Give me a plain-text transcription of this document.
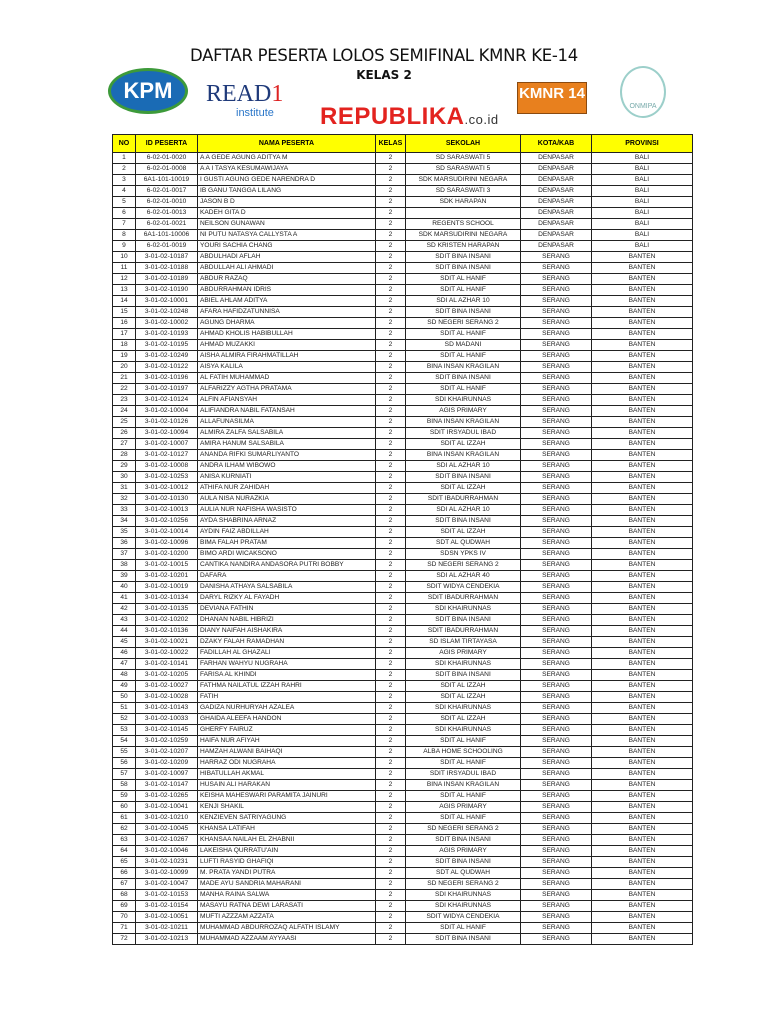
DAFTAR PESERTA LOLOS SEMIFINAL KMNR KE-14
KELAS 2
KPM READ1
institute	REPUBLIKA.co.id
KMNR 14
ONMIPA
NO	ID PESERTA	NAMA PESERTA	KELAS	SEKOLAH	KOTA/KAB	PROVINSI
1	6-02-01-0020	A A GEDE AGUNG ADITYA M	2	SD SARASWATI 5	DENPASAR	BALI
2	6-02-01-0008	A A I TASYA KESUMAWIJAYA	2	SD SARASWATI 5	DENPASAR	BALI
3	6A1-101-10019	I GUSTI AGUNG GEDE NARENDRA D	2	SDK MARSUDIRINI NEGARA	DENPASAR	BALI
4	6-02-01-0017	IB GANU TANGGA LILANG	2	SD SARASWATI 3	DENPASAR	BALI
5	6-02-01-0010	JASON B D	2	SDK HARAPAN	DENPASAR	BALI
6	6-02-01-0013	KADEH GITA D	2		DENPASAR	BALI
7	6-02-01-0021	NEILSON GUNAWAN	2	REGENTS SCHOOL	DENPASAR	BALI
8	6A1-101-10006	NI PUTU NATASYA CALLYSTA A	2	SDK MARSUDIRINI NEGARA	DENPASAR	BALI
9	6-02-01-0019	YOURI SACHIA CHANG	2	SD KRISTEN HARAPAN	DENPASAR	BALI
10	3-01-02-10187	ABDULHADI AFLAH	2	SDIT BINA INSANI	SERANG	BANTEN
11	3-01-02-10188	ABDULLAH ALI AHMADI	2	SDIT BINA INSANI	SERANG	BANTEN
12	3-01-02-10189	ABDUR RAZAQ	2	SDIT AL HANIF	SERANG	BANTEN
13	3-01-02-10190	ABDURRAHMAN IDRIS	2	SDIT AL HANIF	SERANG	BANTEN
14	3-01-02-10001	ABIEL AHLAM ADITYA	2	SDI AL AZHAR 10	SERANG	BANTEN
15	3-01-02-10248	AFARA HAFIDZATUNNISA	2	SDIT BINA INSANI	SERANG	BANTEN
16	3-01-02-10002	AGUNG DHARMA	2	SD NEGERI SERANG 2	SERANG	BANTEN
17	3-01-02-10193	AHMAD KHOLIS HABIBULLAH	2	SDIT AL HANIF	SERANG	BANTEN
18	3-01-02-10195	AHMAD MUZAKKI	2	SD MADANI	SERANG	BANTEN
19	3-01-02-10249	AISHA ALMIRA FIRAHMATILLAH	2	SDIT AL HANIF	SERANG	BANTEN
20	3-01-02-10122	AISYA KALILA	2	BINA INSAN KRAGILAN	SERANG	BANTEN
21	3-01-02-10196	AL FATIH MUHAMMAD	2	SDIT BINA INSANI	SERANG	BANTEN
22	3-01-02-10197	ALFARIZZY AGTHA PRATAMA	2	SDIT AL HANIF	SERANG	BANTEN
23	3-01-02-10124	ALFIN AFIANSYAH	2	SDI KHAIRUNNAS	SERANG	BANTEN
24	3-01-02-10004	ALIFIANDRA NABIL FATANSAH	2	AGIS PRIMARY	SERANG	BANTEN
25	3-01-02-10126	ALLAFUNASILMA	2	BINA INSAN KRAGILAN	SERANG	BANTEN
26	3-01-02-10094	ALMIRA ZALFA SALSABILA	2	SDIT IRSYADUL IBAD	SERANG	BANTEN
27	3-01-02-10007	AMIRA HANUM SALSABILA	2	SDIT AL IZZAH	SERANG	BANTEN
28	3-01-02-10127	ANANDA RIFKI SUMARLIYANTO	2	BINA INSAN KRAGILAN	SERANG	BANTEN
29	3-01-02-10008	ANDRA ILHAM WIBOWO	2	SDI AL AZHAR 10	SERANG	BANTEN
30	3-01-02-10253	ANISA KURNIATI	2	SDIT BINA INSANI	SERANG	BANTEN
31	3-01-02-10012	ATHIFA NUR ZAHIDAH	2	SDIT AL IZZAH	SERANG	BANTEN
32	3-01-02-10130	AULA NISA NURAZKIA	2	SDIT IBADURRAHMAN	SERANG	BANTEN
33	3-01-02-10013	AULIA NUR NAFISHA WASISTO	2	SDI AL AZHAR 10	SERANG	BANTEN
34	3-01-02-10256	AYDA SHABRINA ARNAZ	2	SDIT BINA INSANI	SERANG	BANTEN
35	3-01-02-10014	AYDIN FAIZ ABDILLAH	2	SDIT AL IZZAH	SERANG	BANTEN
36	3-01-02-10096	BIMA FALAH PRATAM	2	SDT AL QUDWAH	SERANG	BANTEN
37	3-01-02-10200	BIMO ARDI WICAKSONO	2	SDSN YPKS IV	SERANG	BANTEN
38	3-01-02-10015	CANTIKA NANDIRA ANDASORA PUTRI BOBBY	2	SD NEGERI SERANG 2	SERANG	BANTEN
39	3-01-02-10201	DAFARA	2	SDI AL AZHAR 40	SERANG	BANTEN
40	3-01-02-10019	DANISHA ATHAYA SALSABILA	2	SDIT WIDYA CENDEKIA	SERANG	BANTEN
41	3-01-02-10134	DARYL RIZKY AL FAYADH	2	SDIT IBADURRAHMAN	SERANG	BANTEN
42	3-01-02-10135	DEVIANA FATHIN	2	SDI KHAIRUNNAS	SERANG	BANTEN
43	3-01-02-10202	DHANAN NABIL HIBRIZI	2	SDIT BINA INSANI	SERANG	BANTEN
44	3-01-02-10136	DIANY NAIFAH AISHAKIRA	2	SDIT IBADURRAHMAN	SERANG	BANTEN
45	3-01-02-10021	DZAKY FALAH RAMADHAN	2	SD ISLAM TIRTAYASA	SERANG	BANTEN
46	3-01-02-10022	FADILLAH AL GHAZALI	2	AGIS PRIMARY	SERANG	BANTEN
47	3-01-02-10141	FARHAN WAHYU NUGRAHA	2	SDI KHAIRUNNAS	SERANG	BANTEN
48	3-01-02-10205	FARISA AL KHINDI	2	SDIT BINA INSANI	SERANG	BANTEN
49	3-01-02-10027	FATHMA NAILATUL IZZAH RAHRI	2	SDIT AL IZZAH	SERANG	BANTEN
50	3-01-02-10028	FATIH	2	SDIT AL IZZAH	SERANG	BANTEN
51	3-01-02-10143	GADIZA NURHURYAH AZALEA	2	SDI KHAIRUNNAS	SERANG	BANTEN
52	3-01-02-10033	GHAIDA ALEEFA HANDON	2	SDIT AL IZZAH	SERANG	BANTEN
53	3-01-02-10145	GHERFY FAIRUZ	2	SDI KHAIRUNNAS	SERANG	BANTEN
54	3-01-02-10259	HAIFA NUR AFIYAH	2	SDIT AL HANIF	SERANG	BANTEN
55	3-01-02-10207	HAMZAH ALWANI BAIHAQI	2	ALBA HOME SCHOOLING	SERANG	BANTEN
56	3-01-02-10209	HARRAZ ODI NUGRAHA	2	SDIT AL HANIF	SERANG	BANTEN
57	3-01-02-10097	HIBATULLAH AKMAL	2	SDIT IRSYADUL IBAD	SERANG	BANTEN
58	3-01-02-10147	HUSAIN ALI HARAKAN	2	BINA INSAN KRAGILAN	SERANG	BANTEN
59	3-01-02-10265	KEISHA MAHESWARI PARAMITA JAINURI	2	SDIT AL HANIF	SERANG	BANTEN
60	3-01-02-10041	KENJI SHAKIL	2	AGIS PRIMARY	SERANG	BANTEN
61	3-01-02-10210	KENZIEVEN SATRIYAGUNG	2	SDIT AL HANIF	SERANG	BANTEN
62	3-01-02-10045	KHANSA LATIFAH	2	SD NEGERI SERANG 2	SERANG	BANTEN
63	3-01-02-10267	KHANSAA NAILAH EL ZHABNII	2	SDIT BINA INSANI	SERANG	BANTEN
64	3-01-02-10046	LAKEISHA QURRATU'AIN	2	AGIS PRIMARY	SERANG	BANTEN
65	3-01-02-10231	LUFTI RASYID GHAFIQI	2	SDIT BINA INSANI	SERANG	BANTEN
66	3-01-02-10099	M. PRATA YANDI PUTRA	2	SDT AL QUDWAH	SERANG	BANTEN
67	3-01-02-10047	MADE AYU SANDRIA MAHARANI	2	SD NEGERI SERANG 2	SERANG	BANTEN
68	3-01-02-10153	MANHA RAINA SALWA	2	SDI KHAIRUNNAS	SERANG	BANTEN
69	3-01-02-10154	MASAYU RATNA DEWI LARASATI	2	SDI KHAIRUNNAS	SERANG	BANTEN
70	3-01-02-10051	MUFTI AZZZAM AZZATA	2	SDIT WIDYA CENDEKIA	SERANG	BANTEN
71	3-01-02-10211	MUHAMMAD ABDURROZAQ ALFATH ISLAMY	2	SDIT AL HANIF	SERANG	BANTEN
72	3-01-02-10213	MUHAMMAD AZZAAM AYYAASI	2	SDIT BINA INSANI	SERANG	BANTEN
